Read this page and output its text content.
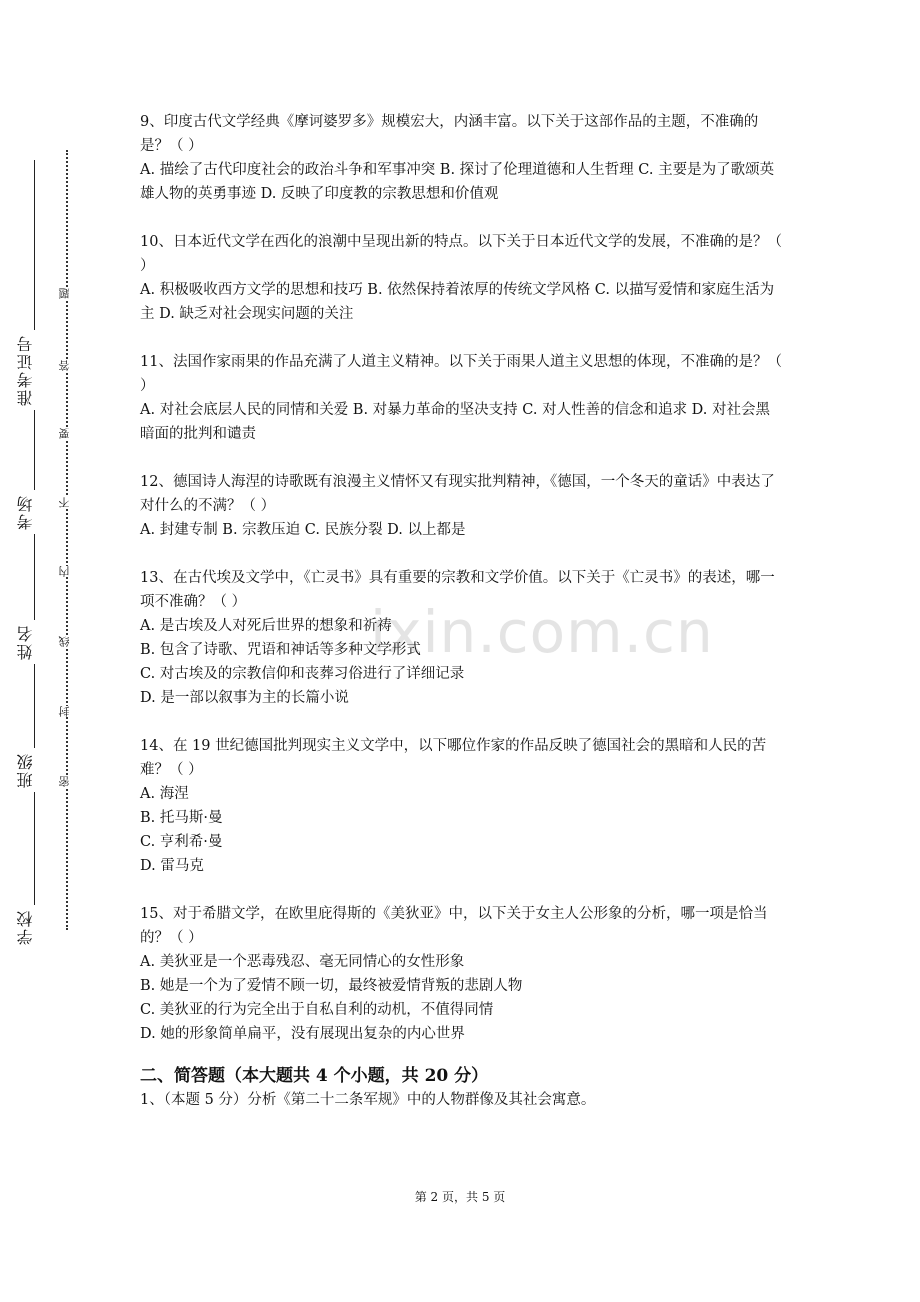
准考证号
考场
姓名
班级
学校
题
答
要
不
内
线
封
密
ixin.com.cn
9、印度古代文学经典《摩诃婆罗多》规模宏大，内涵丰富。以下关于这部作品的主题，不准确的是？（ ）
A. 描绘了古代印度社会的政治斗争和军事冲突 B. 探讨了伦理道德和人生哲理 C. 主要是为了歌颂英雄人物的英勇事迹 D. 反映了印度教的宗教思想和价值观
10、日本近代文学在西化的浪潮中呈现出新的特点。以下关于日本近代文学的发展，不准确的是？（ ）
A. 积极吸收西方文学的思想和技巧 B. 依然保持着浓厚的传统文学风格 C. 以描写爱情和家庭生活为主 D. 缺乏对社会现实问题的关注
11、法国作家雨果的作品充满了人道主义精神。以下关于雨果人道主义思想的体现，不准确的是？（ ）
A. 对社会底层人民的同情和关爱 B. 对暴力革命的坚决支持 C. 对人性善的信念和追求 D. 对社会黑暗面的批判和谴责
12、德国诗人海涅的诗歌既有浪漫主义情怀又有现实批判精神，《德国，一个冬天的童话》中表达了对什么的不满？（ ）
A. 封建专制 B. 宗教压迫 C. 民族分裂 D. 以上都是
13、在古代埃及文学中，《亡灵书》具有重要的宗教和文学价值。以下关于《亡灵书》的表述，哪一项不准确？（ ）
A. 是古埃及人对死后世界的想象和祈祷
B. 包含了诗歌、咒语和神话等多种文学形式
C. 对古埃及的宗教信仰和丧葬习俗进行了详细记录
D. 是一部以叙事为主的长篇小说
14、在 19 世纪德国批判现实主义文学中，以下哪位作家的作品反映了德国社会的黑暗和人民的苦难？（ ）
A. 海涅
B. 托马斯·曼
C. 亨利希·曼
D. 雷马克
15、对于希腊文学，在欧里庇得斯的《美狄亚》中，以下关于女主人公形象的分析，哪一项是恰当的？（ ）
A. 美狄亚是一个恶毒残忍、毫无同情心的女性形象
B. 她是一个为了爱情不顾一切，最终被爱情背叛的悲剧人物
C. 美狄亚的行为完全出于自私自利的动机，不值得同情
D. 她的形象简单扁平，没有展现出复杂的内心世界
二、简答题（本大题共 4 个小题，共 20 分）
1、（本题 5 分）分析《第二十二条军规》中的人物群像及其社会寓意。
第 2 页，共 5 页
